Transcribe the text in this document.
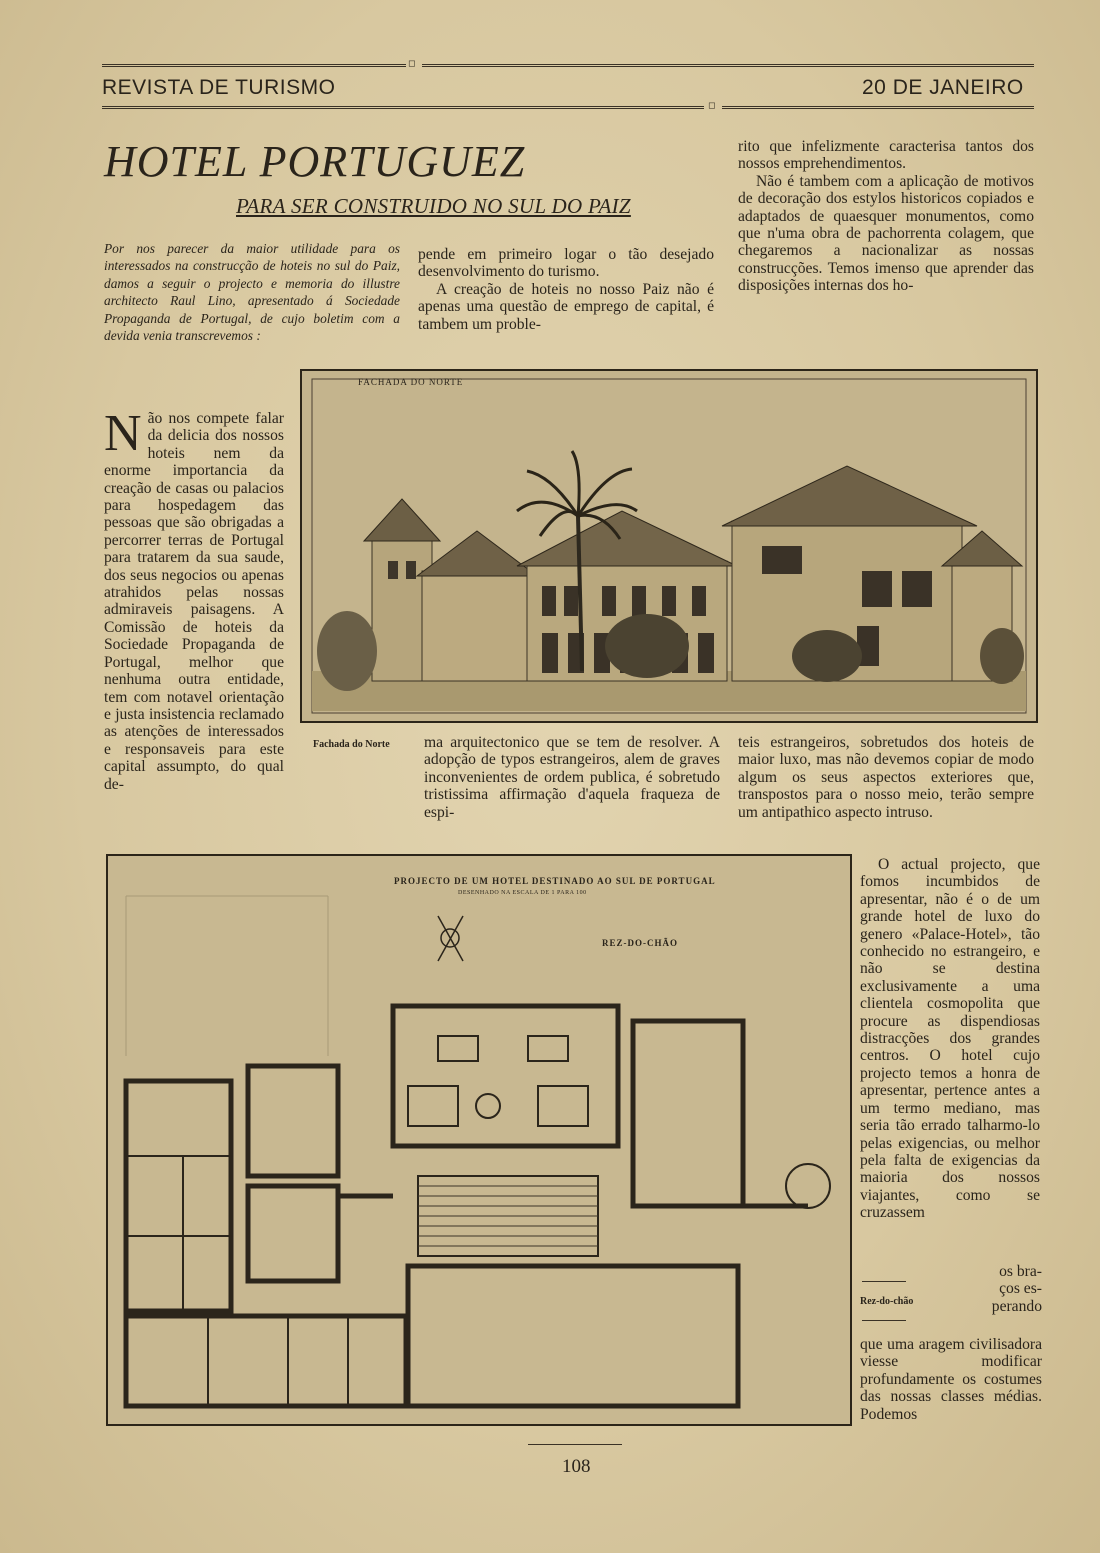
◻
REVISTA DE TURISMO	20 DE JANEIRO
◻
HOTEL PORTUGUEZ
PARA SER CONSTRUIDO NO SUL DO PAIZ
Por nos parecer da maior utilidade para os interessados na construcção de hoteis no sul do Paiz, damos a seguir o projecto e memoria do illustre architecto Raul Lino, apresentado á Sociedade Propaganda de Portugal, de cujo boletim com a devida venia transcrevemos :
Não nos compete falar da delicia dos nossos hoteis nem da enorme importancia da creação de casas ou palacios para hospedagem das pessoas que são obrigadas a percorrer terras de Portugal para tratarem da sua saude, dos seus negocios ou apenas atrahidos pelas nossas admiraveis paisagens. A Comissão de hoteis da Sociedade Propaganda de Portugal, melhor que nenhuma outra entidade, tem com notavel orientação e justa insistencia reclamado as atenções de interessados e responsaveis para este capital assumpto, do qual de-

pende em primeiro logar o tão desejado desenvolvimento do turismo.

A creação de hoteis no nosso Paiz não é apenas uma questão de emprego de capital, é tambem um proble-

rito que infelizmente caracterisa tantos dos nossos emprehendimentos.

Não é tambem com a aplicação de motivos de decoração dos estylos historicos copiados e adaptados de quaesquer monumentos, como que n'uma obra de pachorrenta colagem, que chegaremos a nacionalizar as nossas construcções. Temos imenso que aprender das disposições internas dos ho-

FACHADA DO NORTE
Fachada do Norte ma arquitectonico que se tem de resolver. A adopção de typos estrangeiros, alem de graves inconvenientes de ordem publica, é sobretudo tristissima affirmação d'aquela fraqueza de espi-
teis estrangeiros, sobretudos dos hoteis de maior luxo, mas não devemos copiar de modo algum os seus aspectos exteriores que, transpostos para o nosso meio, terão sempre um antipathico aspecto intruso.
PROJECTO DE UM HOTEL DESTINADO AO SUL DE PORTUGAL
DESENHADO NA ESCALA DE 1 PARA 100
REZ-DO-CHÃO

O actual projecto, que fomos incumbidos de apresentar, não é o de um grande hotel de luxo do genero «Palace-Hotel», tão conhecido no estrangeiro, e não se destina exclusivamente a uma clientela cosmopolita que procure as dispendiosas distracções dos grandes centros. O hotel cujo projecto temos a honra de apresentar, pertence antes a um termo mediano, mas seria tão errado talharmo-lo pelas exigencias, ou melhor pela falta de exigencias da maioria dos nossos viajantes, como se cruzassem

os bra-
ços es-
perando
Rez-do-chão
que uma aragem civilisadora viesse modificar profundamente os costumes das nossas classes médias. Podemos
108
